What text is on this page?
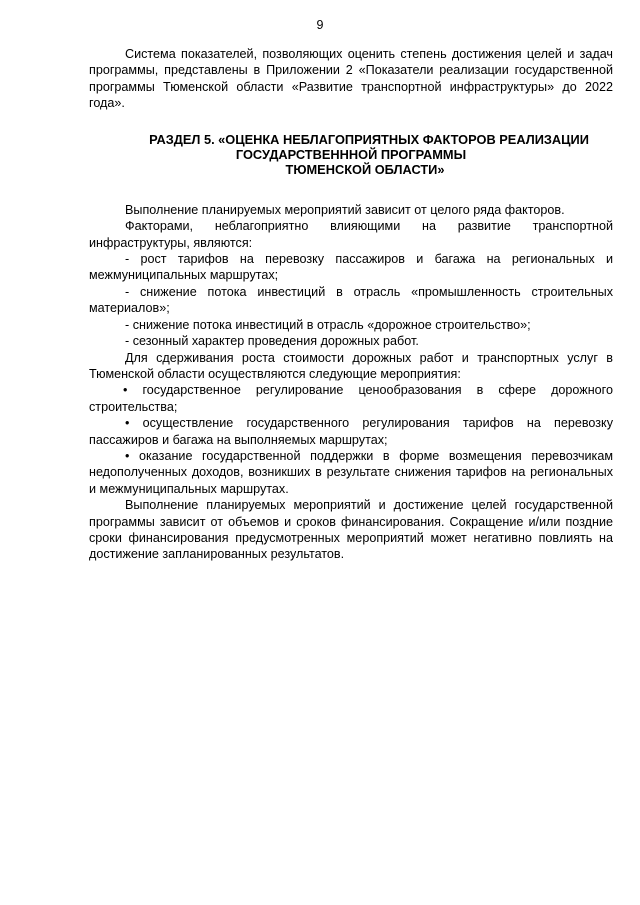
9

Система показателей, позволяющих оценить степень достижения целей и задач программы, представлены в Приложении 2 «Показатели реализации государственной программы Тюменской области «Развитие транспортной инфраструктуры» до 2022 года».

РАЗДЕЛ 5. «ОЦЕНКА НЕБЛАГОПРИЯТНЫХ ФАКТОРОВ РЕАЛИЗАЦИИ
ГОСУДАРСТВЕНННОЙ ПРОГРАММЫ
ТЮМЕНСКОЙ ОБЛАСТИ»

Выполнение планируемых мероприятий зависит от целого ряда факторов.

Факторами, неблагоприятно влияющими на развитие транспортной инфраструктуры, являются:

- рост тарифов на перевозку пассажиров и багажа на региональных и межмуниципальных маршрутах;

- снижение потока инвестиций в отрасль «промышленность строительных материалов»;

- снижение потока инвестиций в отрасль «дорожное строительство»;

- сезонный характер проведения дорожных работ.

Для сдерживания роста стоимости дорожных работ и транспортных услуг в Тюменской области осуществляются следующие мероприятия:

• государственное регулирование ценообразования в сфере дорожного строительства;

• осуществление государственного регулирования тарифов на перевозку пассажиров и багажа на выполняемых маршрутах;

• оказание государственной поддержки в форме возмещения перевозчикам недополученных доходов, возникших в результате снижения тарифов на региональных и межмуниципальных маршрутах.

Выполнение планируемых мероприятий и достижение целей государственной программы зависит от объемов и сроков финансирования. Сокращение и/или поздние сроки финансирования предусмотренных мероприятий может негативно повлиять на достижение запланированных результатов.
